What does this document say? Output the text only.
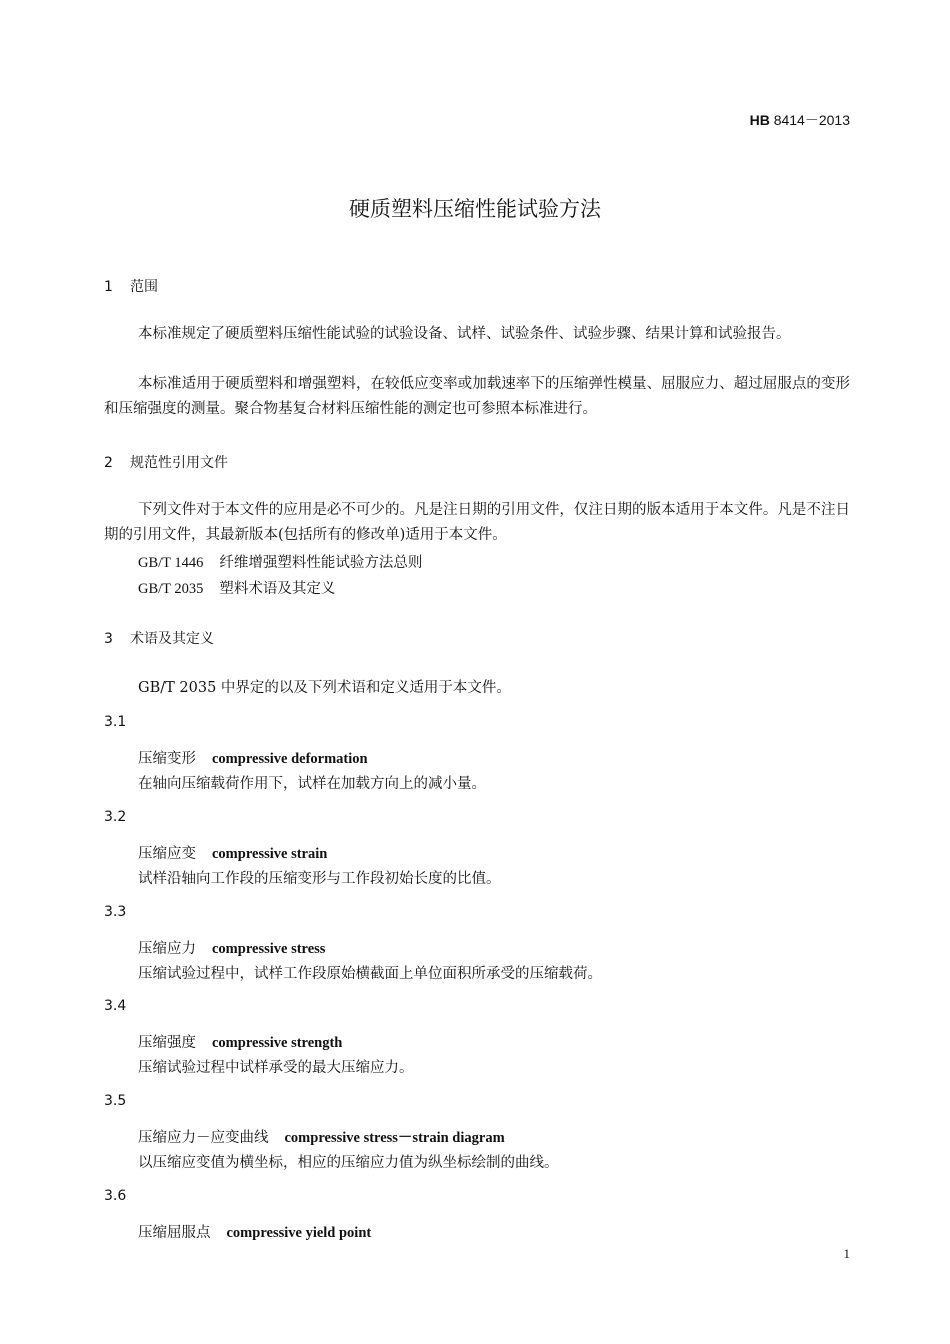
HB 8414－2013
硬质塑料压缩性能试验方法
1 范围
本标准规定了硬质塑料压缩性能试验的试验设备、试样、试验条件、试验步骤、结果计算和试验报告。
本标准适用于硬质塑料和增强塑料，在较低应变率或加载速率下的压缩弹性模量、屈服应力、超过屈服点的变形和压缩强度的测量。聚合物基复合材料压缩性能的测定也可参照本标准进行。
2 规范性引用文件
下列文件对于本文件的应用是必不可少的。凡是注日期的引用文件，仅注日期的版本适用于本文件。凡是不注日期的引用文件，其最新版本(包括所有的修改单)适用于本文件。
GB/T 1446 纤维增强塑料性能试验方法总则
GB/T 2035 塑料术语及其定义
3 术语及其定义
GB/T 2035 中界定的以及下列术语和定义适用于本文件。
3.1
压缩变形 compressive deformation
在轴向压缩载荷作用下，试样在加载方向上的减小量。
3.2
压缩应变 compressive strain
试样沿轴向工作段的压缩变形与工作段初始长度的比值。
3.3
压缩应力 compressive stress
压缩试验过程中，试样工作段原始横截面上单位面积所承受的压缩载荷。
3.4
压缩强度 compressive strength
压缩试验过程中试样承受的最大压缩应力。
3.5
压缩应力－应变曲线 compressive stress－strain diagram
以压缩应变值为横坐标，相应的压缩应力值为纵坐标绘制的曲线。
3.6
压缩屈服点 compressive yield point
1
